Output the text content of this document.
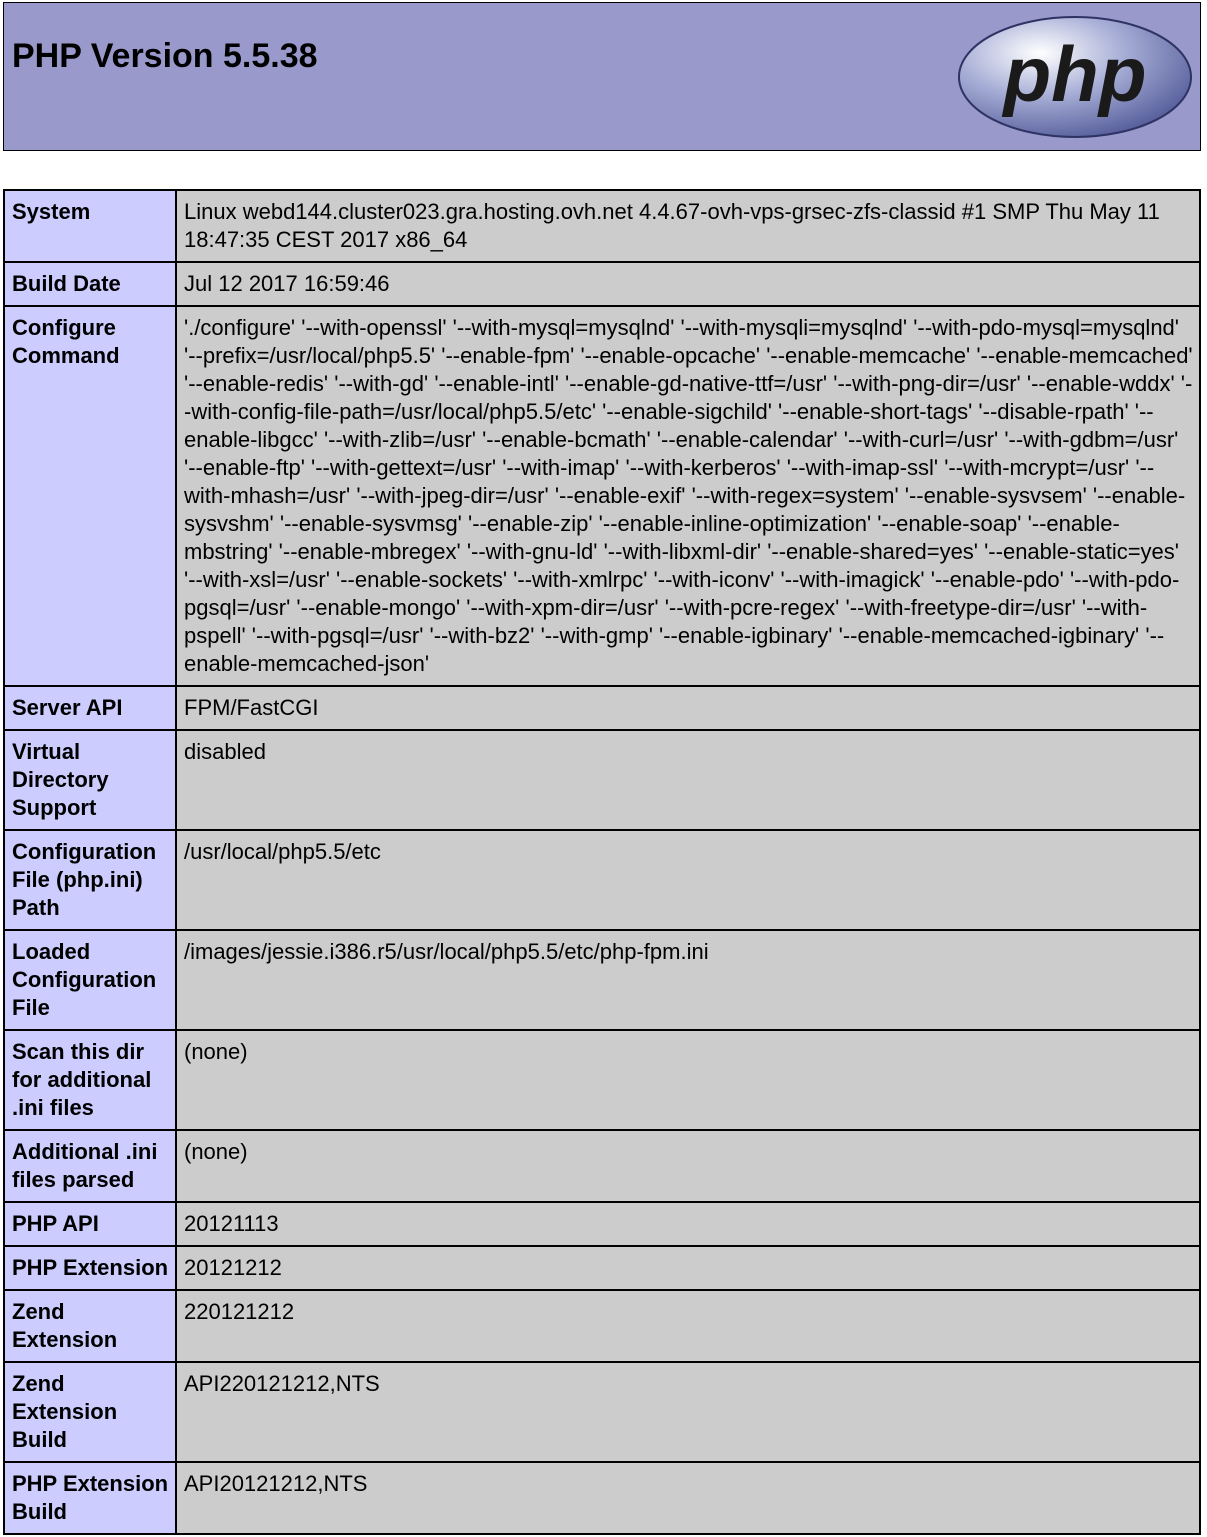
PHP Version 5.5.38	php
System	Linux webd144.cluster023.gra.hosting.ovh.net 4.4.67-ovh-vps-grsec-zfs-classid #1 SMP Thu May 11 18:47:35 CEST 2017 x86_64
Build Date	Jul 12 2017 16:59:46
Configure Command	'./configure' '--with-openssl' '--with-mysql=mysqlnd' '--with-mysqli=mysqlnd' '--with-pdo-mysql=mysqlnd' '--prefix=/usr/local/php5.5' '--enable-fpm' '--enable-opcache' '--enable-memcache' '--enable-memcached' '--enable-redis' '--with-gd' '--enable-intl' '--enable-gd-native-ttf=/usr' '--with-png-dir=/usr' '--enable-wddx' '--with-config-file-path=/usr/local/php5.5/etc' '--enable-sigchild' '--enable-short-tags' '--disable-rpath' '--enable-libgcc' '--with-zlib=/usr' '--enable-bcmath' '--enable-calendar' '--with-curl=/usr' '--with-gdbm=/usr' '--enable-ftp' '--with-gettext=/usr' '--with-imap' '--with-kerberos' '--with-imap-ssl' '--with-mcrypt=/usr' '--with-mhash=/usr' '--with-jpeg-dir=/usr' '--enable-exif' '--with-regex=system' '--enable-sysvsem' '--enable-sysvshm' '--enable-sysvmsg' '--enable-zip' '--enable-inline-optimization' '--enable-soap' '--enable-mbstring' '--enable-mbregex' '--with-gnu-ld' '--with-libxml-dir' '--enable-shared=yes' '--enable-static=yes' '--with-xsl=/usr' '--enable-sockets' '--with-xmlrpc' '--with-iconv' '--with-imagick' '--enable-pdo' '--with-pdo-pgsql=/usr' '--enable-mongo' '--with-xpm-dir=/usr' '--with-pcre-regex' '--with-freetype-dir=/usr' '--with-pspell' '--with-pgsql=/usr' '--with-bz2' '--with-gmp' '--enable-igbinary' '--enable-memcached-igbinary' '--enable-memcached-json'
Server API	FPM/FastCGI
Virtual Directory Support	disabled
Configuration File (php.ini) Path	/usr/local/php5.5/etc
Loaded Configuration File	/images/jessie.i386.r5/usr/local/php5.5/etc/php-fpm.ini
Scan this dir for additional .ini files	(none)
Additional .ini files parsed	(none)
PHP API	20121113
PHP Extension	20121212
Zend Extension	220121212
Zend Extension Build	API220121212,NTS
PHP Extension Build	API20121212,NTS
